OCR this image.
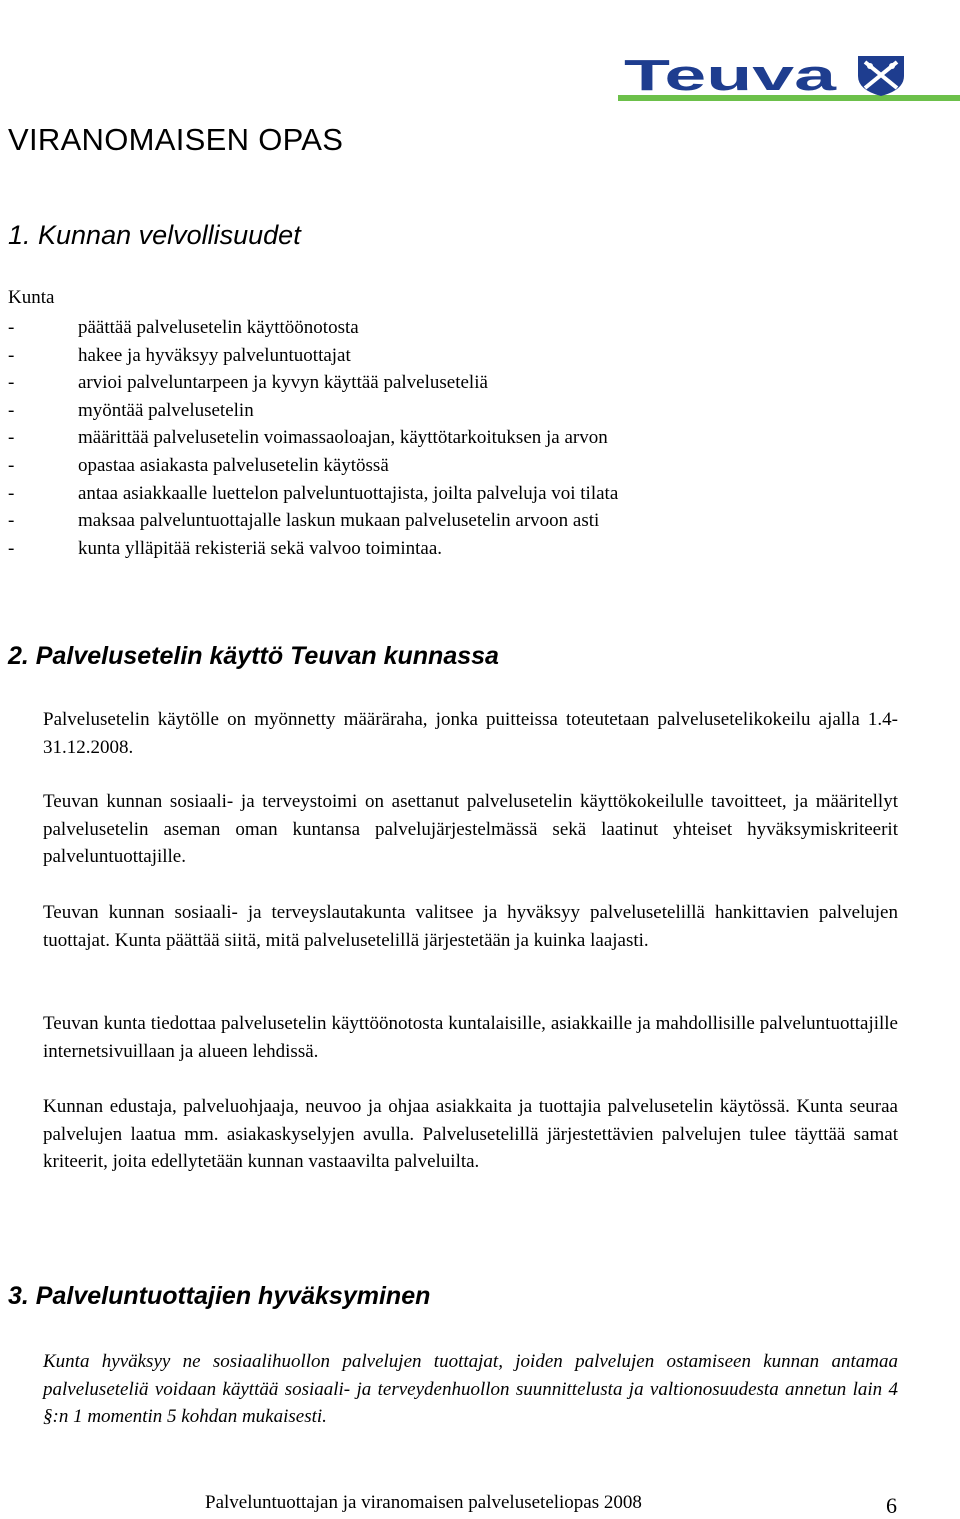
Teuva
VIRANOMAISEN OPAS
1. Kunnan velvollisuudet
Kunta
-	päättää palvelusetelin käyttöönotosta
-	hakee ja hyväksyy palveluntuottajat
-	arvioi palveluntarpeen ja kyvyn käyttää palveluseteliä
-	myöntää palvelusetelin
-	määrittää palvelusetelin voimassaoloajan, käyttötarkoituksen ja arvon
-	opastaa asiakasta palvelusetelin käytössä
-	antaa asiakkaalle luettelon palveluntuottajista, joilta palveluja voi tilata
-	maksaa palveluntuottajalle laskun mukaan palvelusetelin arvoon asti
-	kunta ylläpitää rekisteriä sekä valvoo toimintaa.
2. Palvelusetelin käyttö Teuvan kunnassa

Palvelusetelin käytölle on myönnetty määräraha, jonka puitteissa toteutetaan palvelusetelikokeilu ajalla 1.4-31.12.2008.

Teuvan kunnan sosiaali- ja terveystoimi on asettanut palvelusetelin käyttökokeilulle tavoitteet, ja määritellyt palvelusetelin aseman oman kuntansa palvelujärjestelmässä sekä laatinut yhteiset hyväksymiskriteerit palveluntuottajille.

Teuvan kunnan sosiaali- ja terveyslautakunta valitsee ja hyväksyy palvelusetelillä hankittavien palvelujen tuottajat. Kunta päättää siitä, mitä palvelusetelillä järjestetään ja kuinka laajasti.

Teuvan kunta tiedottaa palvelusetelin käyttöönotosta kuntalaisille, asiakkaille ja mahdollisille palveluntuottajille internetsivuillaan ja alueen lehdissä.

Kunnan edustaja, palveluohjaaja, neuvoo ja ohjaa asiakkaita ja tuottajia palvelusetelin käytössä. Kunta seuraa palvelujen laatua mm. asiakaskyselyjen avulla. Palvelusetelillä järjestettävien palvelujen tulee täyttää samat kriteerit, joita edellytetään kunnan vastaavilta palveluilta.

3. Palveluntuottajien hyväksyminen

Kunta hyväksyy ne sosiaalihuollon palvelujen tuottajat, joiden palvelujen ostamiseen kunnan antamaa palveluseteliä voidaan käyttää sosiaali- ja terveydenhuollon suunnittelusta ja valtionosuudesta annetun lain 4 §:n 1 momentin 5 kohdan mukaisesti.

Palveluntuottajan ja viranomaisen palveluseteliopas 2008	6
